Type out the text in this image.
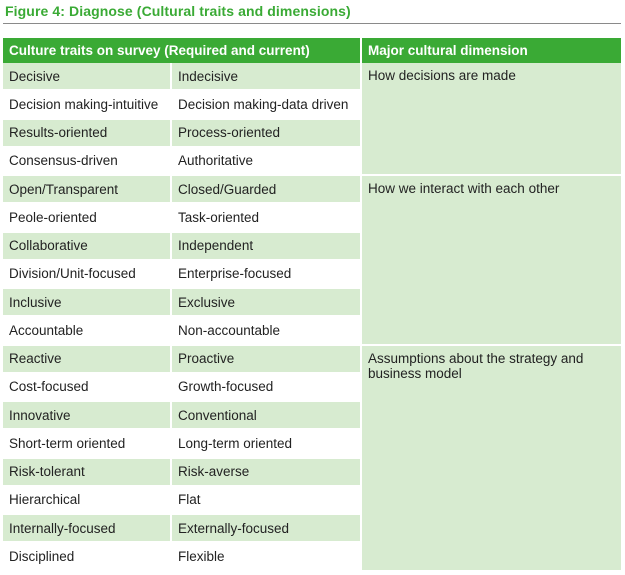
Figure 4: Diagnose (Cultural traits and dimensions)
Culture traits on survey (Required and current)		Major cultural dimension
Decisive	Indecisive	How decisions are made
Decision making-intuitive	Decision making-data driven	
Results-oriented	Process-oriented	
Consensus-driven	Authoritative	
Open/Transparent	Closed/Guarded	How we interact with each other
Peole-oriented	Task-oriented	
Collaborative	Independent	
Division/Unit-focused	Enterprise-focused	
Inclusive	Exclusive	
Accountable	Non-accountable	
Reactive	Proactive	Assumptions about the strategy and business model
Cost-focused	Growth-focused	
Innovative	Conventional	
Short-term oriented	Long-term oriented	
Risk-tolerant	Risk-averse	
Hierarchical	Flat	
Internally-focused	Externally-focused	
Disciplined	Flexible	
